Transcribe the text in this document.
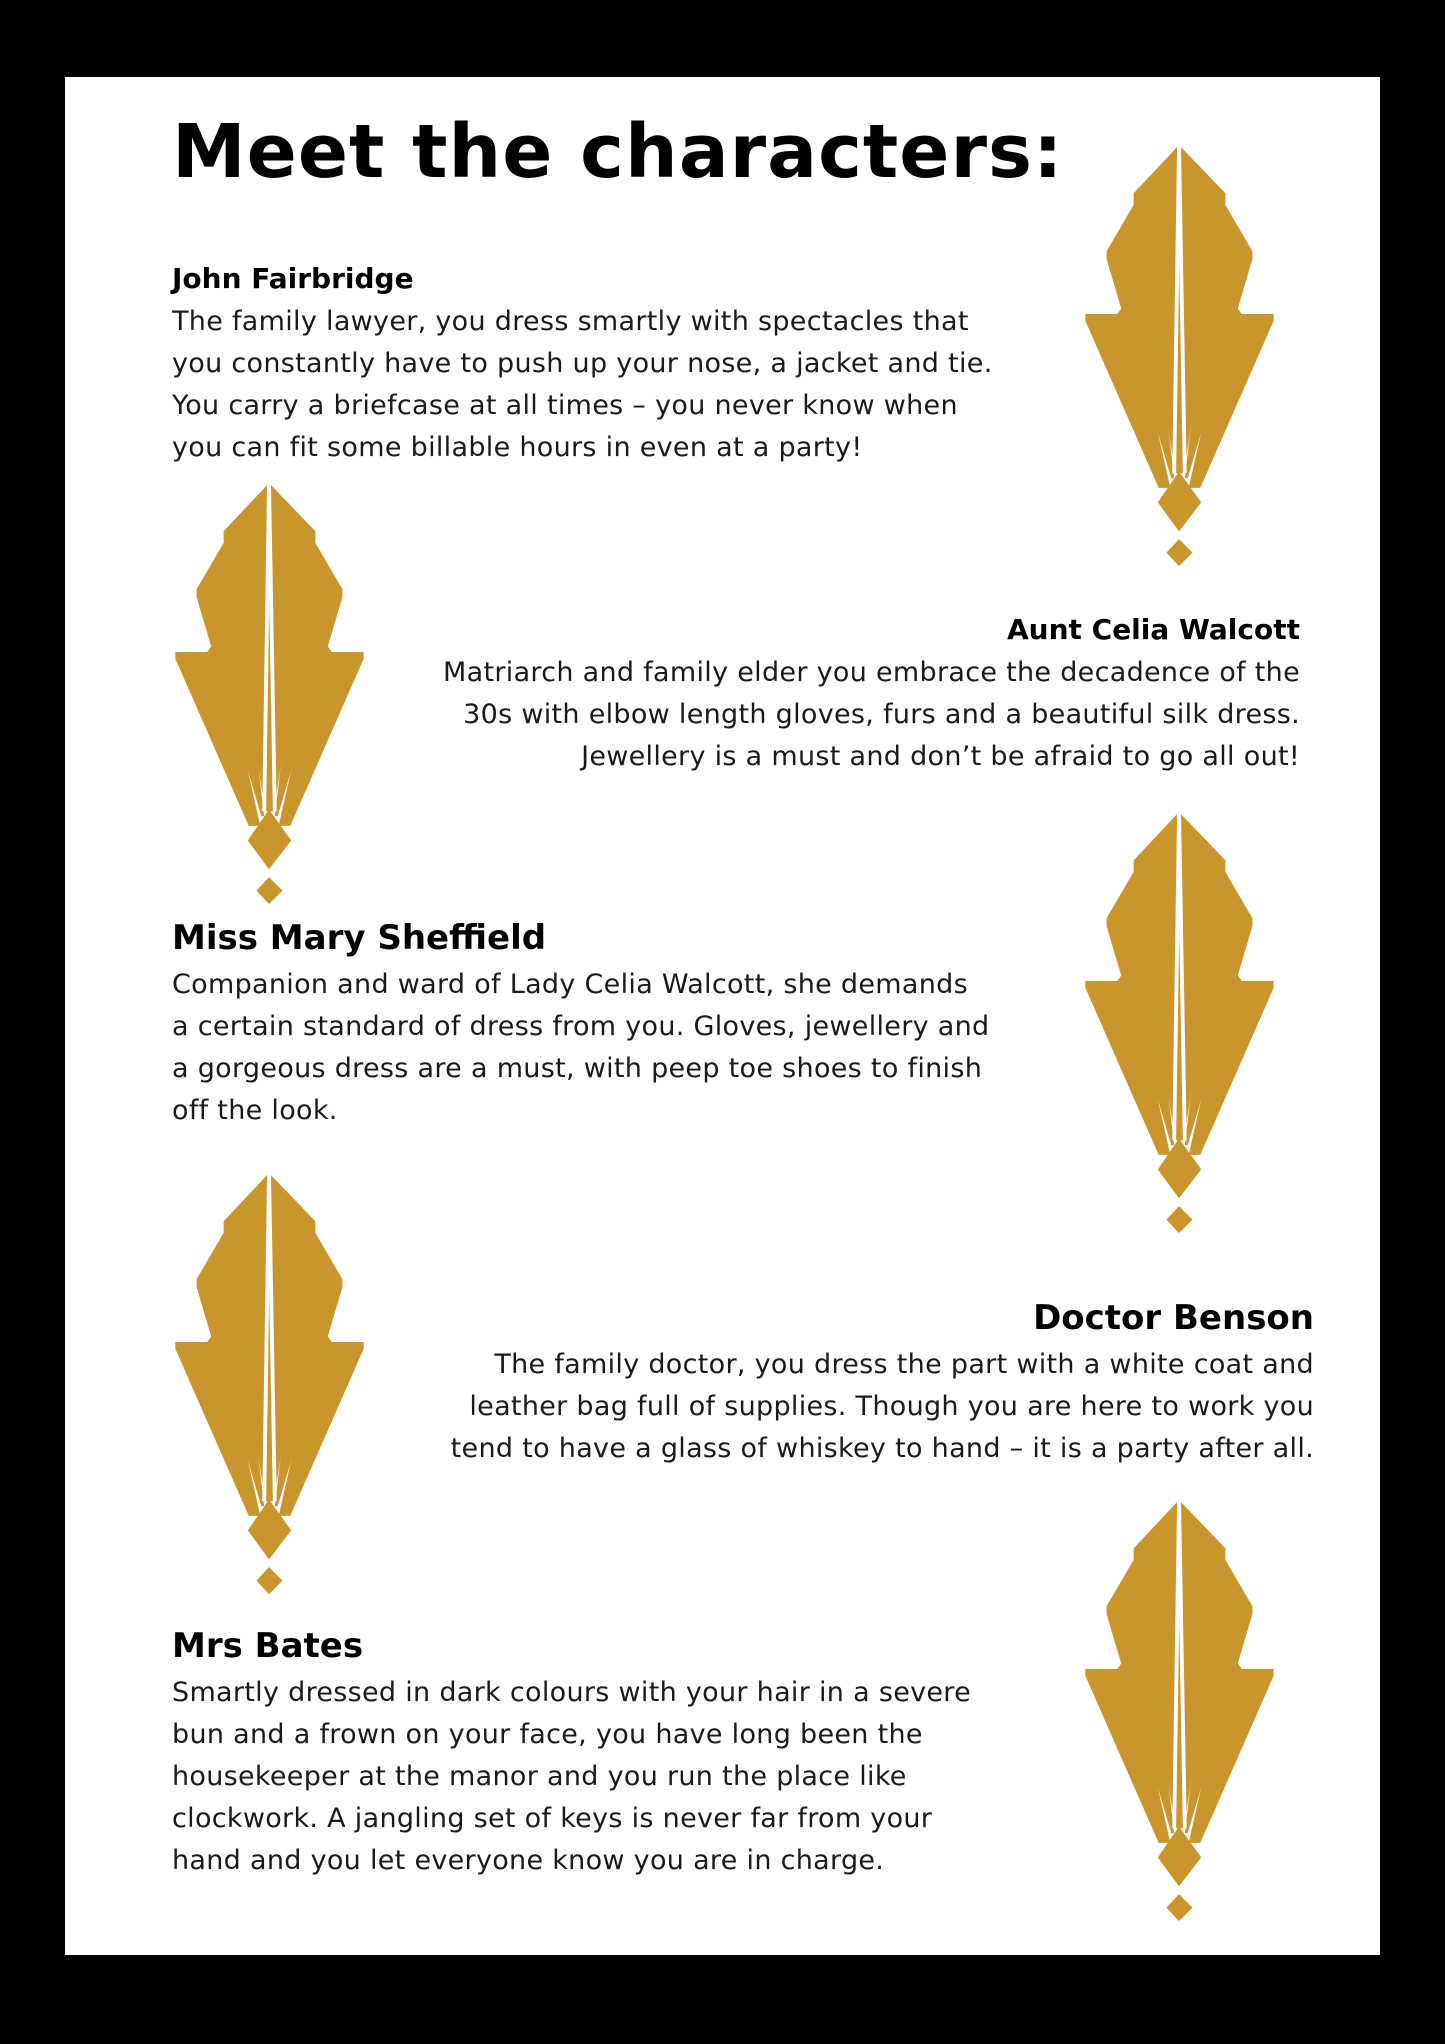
Meet the characters:

John Fairbridge

The family lawyer, you dress smartly with spectacles that
you constantly have to push up your nose, a jacket and tie.
You carry a briefcase at all times – you never know when
you can fit some billable hours in even at a party!

Aunt Celia Walcott

Matriarch and family elder you embrace the decadence of the
30s with elbow length gloves, furs and a beautiful silk dress.
Jewellery is a must and don’t be afraid to go all out!

Miss Mary Sheffield

Companion and ward of Lady Celia Walcott, she demands
a certain standard of dress from you. Gloves, jewellery and
a gorgeous dress are a must, with peep toe shoes to finish
off the look.

Doctor Benson

The family doctor, you dress the part with a white coat and
leather bag full of supplies. Though you are here to work you
tend to have a glass of whiskey to hand – it is a party after all.

Mrs Bates

Smartly dressed in dark colours with your hair in a severe
bun and a frown on your face, you have long been the
housekeeper at the manor and you run the place like
clockwork. A jangling set of keys is never far from your
hand and you let everyone know you are in charge.
